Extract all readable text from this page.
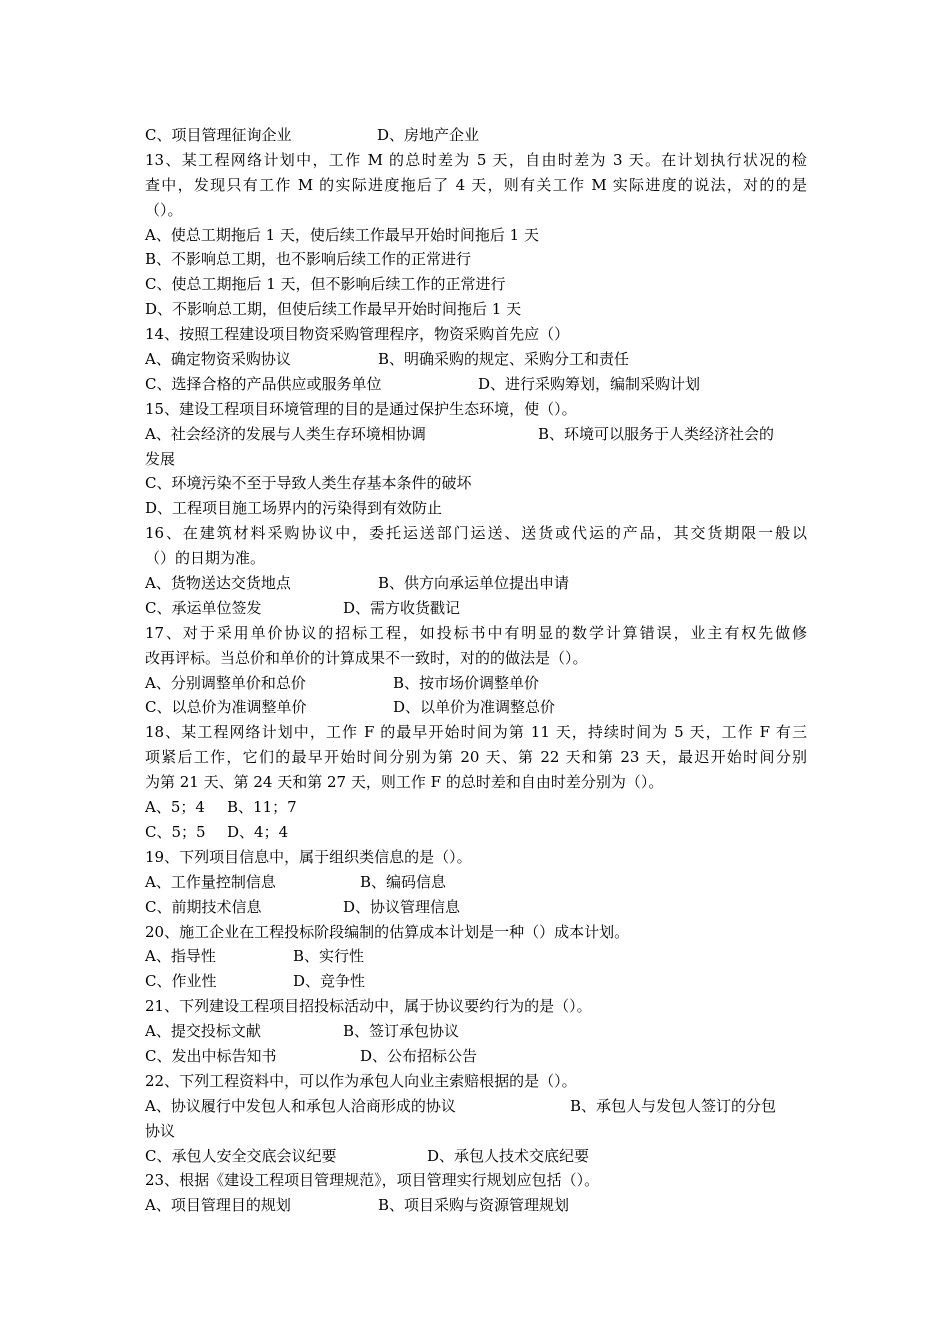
C、项目管理征询企业	D、房地产企业
13、某工程网络计划中，工作 M 的总时差为 5 天，自由时差为 3 天。在计划执行状况的检
查中，发现只有工作 M 的实际进度拖后了 4 天，则有关工作 M 实际进度的说法，对的的是
（）。
A、使总工期拖后 1 天，使后续工作最早开始时间拖后 1 天
B、不影响总工期，也不影响后续工作的正常进行
C、使总工期拖后 1 天，但不影响后续工作的正常进行
D、不影响总工期，但使后续工作最早开始时间拖后 1 天
14、按照工程建设项目物资采购管理程序，物资采购首先应（）
A、确定物资采购协议	B、明确采购的规定、采购分工和责任
C、选择合格的产品供应或服务单位	D、进行采购筹划，编制采购计划
15、建设工程项目环境管理的目的是通过保护生态环境，使（）。
A、社会经济的发展与人类生存环境相协调	B、环境可以服务于人类经济社会的
发展
C、环境污染不至于导致人类生存基本条件的破坏
D、工程项目施工场界内的污染得到有效防止
16、在建筑材料采购协议中，委托运送部门运送、送货或代运的产品，其交货期限一般以
（）的日期为准。
A、货物送达交货地点	B、供方向承运单位提出申请
C、承运单位签发	D、需方收货戳记
17、对于采用单价协议的招标工程，如投标书中有明显的数学计算错误，业主有权先做修
改再评标。当总价和单价的计算成果不一致时，对的的做法是（）。
A、分别调整单价和总价	B、按市场价调整单价
C、以总价为准调整单价	D、以单价为准调整总价
18、某工程网络计划中，工作 F 的最早开始时间为第 11 天，持续时间为 5 天，工作 F 有三
项紧后工作，它们的最早开始时间分别为第 20 天、第 22 天和第 23 天，最迟开始时间分别
为第 21 天、第 24 天和第 27 天，则工作 F 的总时差和自由时差分别为（）。
A、5；4 B、11；7
C、5；5 D、4；4
19、下列项目信息中，属于组织类信息的是（）。
A、工作量控制信息	B、编码信息
C、前期技术信息	D、协议管理信息
20、施工企业在工程投标阶段编制的估算成本计划是一种（）成本计划。
A、指导性	B、实行性
C、作业性	D、竞争性
21、下列建设工程项目招投标活动中，属于协议要约行为的是（）。
A、提交投标文献	B、签订承包协议
C、发出中标告知书	D、公布招标公告
22、下列工程资料中，可以作为承包人向业主索赔根据的是（）。
A、协议履行中发包人和承包人洽商形成的协议	B、承包人与发包人签订的分包
协议
C、承包人安全交底会议纪要	D、承包人技术交底纪要
23、根据《建设工程项目管理规范》，项目管理实行规划应包括（）。
A、项目管理目的规划	B、项目采购与资源管理规划
